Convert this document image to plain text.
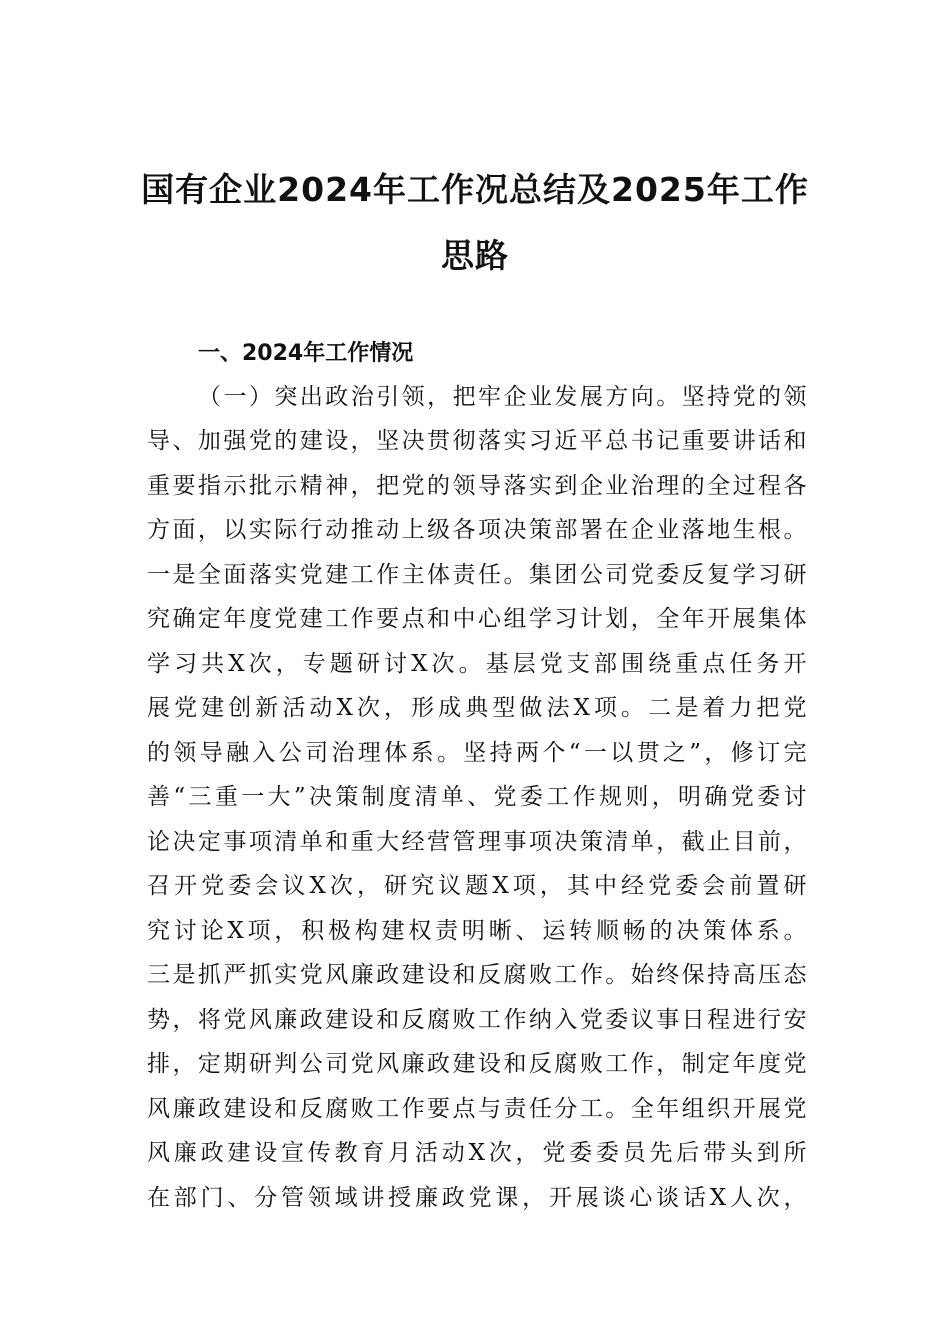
国有企业2024年工作况总结及2025年工作
思路
一、2024年工作情况
（一）突出政治引领，把牢企业发展方向。坚持党的领
导、加强党的建设，坚决贯彻落实习近平总书记重要讲话和
重要指示批示精神，把党的领导落实到企业治理的全过程各
方面，以实际行动推动上级各项决策部署在企业落地生根。
一是全面落实党建工作主体责任。集团公司党委反复学习研
究确定年度党建工作要点和中心组学习计划，全年开展集体
学习共X次，专题研讨X次。基层党支部围绕重点任务开
展党建创新活动X次，形成典型做法X项。二是着力把党
的领导融入公司治理体系。坚持两个“一以贯之”，修订完
善“三重一大”决策制度清单、党委工作规则，明确党委讨
论决定事项清单和重大经营管理事项决策清单，截止目前，
召开党委会议X次，研究议题X项，其中经党委会前置研
究讨论X项，积极构建权责明晰、运转顺畅的决策体系。
三是抓严抓实党风廉政建设和反腐败工作。始终保持高压态
势，将党风廉政建设和反腐败工作纳入党委议事日程进行安
排，定期研判公司党风廉政建设和反腐败工作，制定年度党
风廉政建设和反腐败工作要点与责任分工。全年组织开展党
风廉政建设宣传教育月活动X次，党委委员先后带头到所
在部门、分管领域讲授廉政党课，开展谈心谈话X人次，
